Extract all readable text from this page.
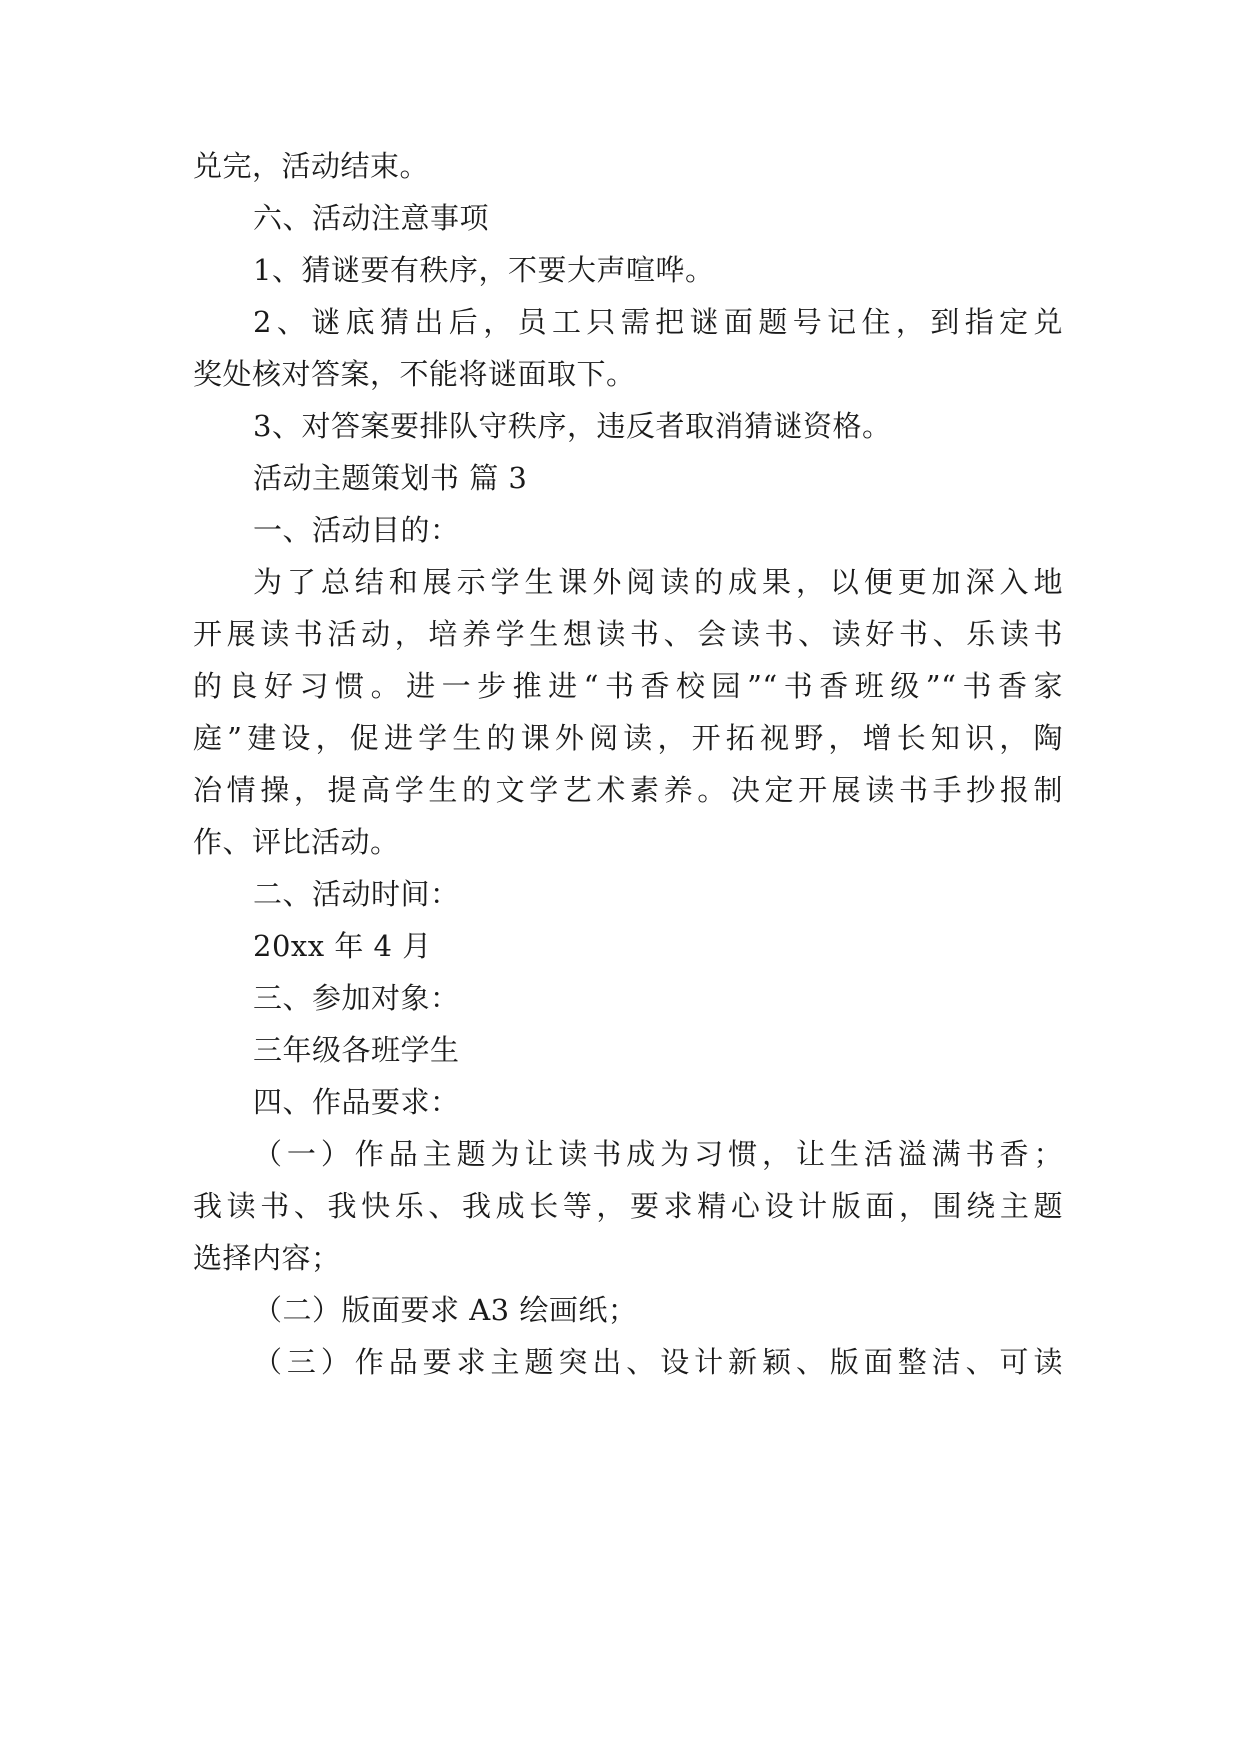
兑完，活动结束。
六、活动注意事项
1、猜谜要有秩序，不要大声喧哗。
2、谜底猜出后，员工只需把谜面题号记住，到指定兑
奖处核对答案，不能将谜面取下。
3、对答案要排队守秩序，违反者取消猜谜资格。
活动主题策划书 篇 3
一、活动目的：
为了总结和展示学生课外阅读的成果，以便更加深入地
开展读书活动，培养学生想读书、会读书、读好书、乐读书
的良好习惯。进一步推进“书香校园”“书香班级”“书香家
庭”建设，促进学生的课外阅读，开拓视野，增长知识，陶
冶情操，提高学生的文学艺术素养。决定开展读书手抄报制
作、评比活动。
二、活动时间：
20xx 年 4 月
三、参加对象：
三年级各班学生
四、作品要求：
（一）作品主题为让读书成为习惯，让生活溢满书香；
我读书、我快乐、我成长等，要求精心设计版面，围绕主题
选择内容；
（二）版面要求 A3 绘画纸；
（三）作品要求主题突出、设计新颖、版面整洁、可读
